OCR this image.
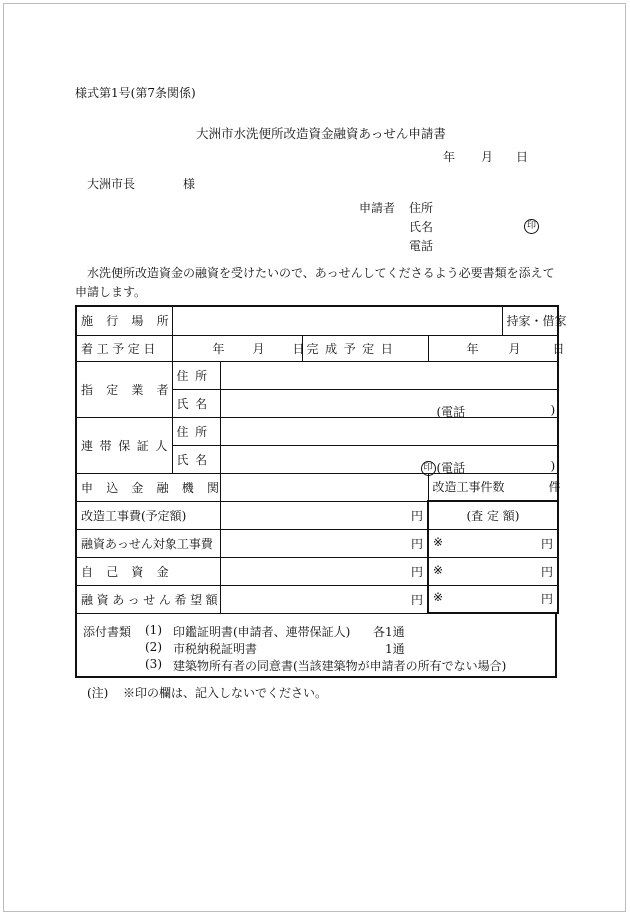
様式第1号(第7条関係)
大洲市水洗便所改造資金融資あっせん申請書
年 月 日
大洲市長	様
申請者 住所
氏名	印
電話
水洗便所改造資金の融資を受けたいので、あっせんしてくださるよう必要書類を添えて
申請します。
施行場所					持家・借家
着工予定日	年 月 日		完成予定日	年 月 日	
指定業者	住所				
	氏名	(電話 )			

連帯保証人	住所				
	氏名	印 (電話 )			

申込金融機関				改造工事件数 件	

改造工事費(予定額)		円		(査 定 額)	
融資あっせん対象工事費		円		※ 円	

自己資金		円		※ 円	

融資あっせん希望額		円		※ 円	
添付書類 (1) 印鑑証明書(申請者、連帯保証人) 各1通
(2) 市税納税証明書	1通
(3) 建築物所有者の同意書(当該建築物が申請者の所有でない場合)
(注) ※印の欄は、記入しないでください。
